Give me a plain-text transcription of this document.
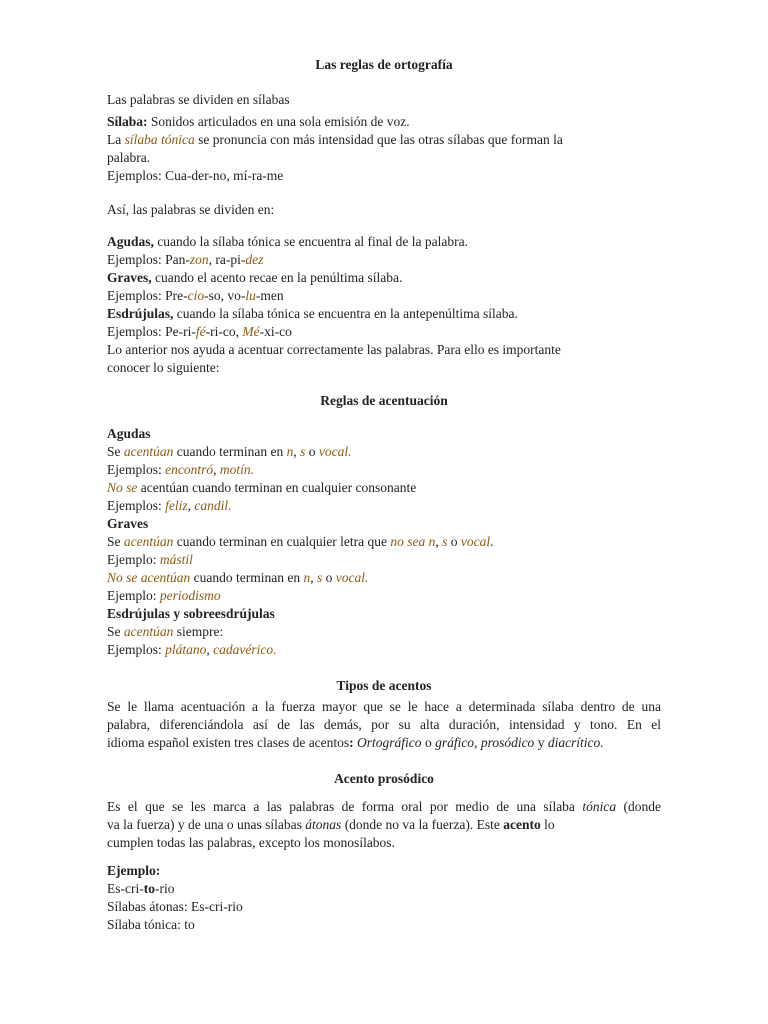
Las reglas de ortografía
Las palabras se dividen en sílabas
Sílaba: Sonidos articulados en una sola emisión de voz.
La sílaba tónica se pronuncia con más intensidad que las otras sílabas que forman la
palabra.
Ejemplos: Cua-der-no, mí-ra-me
Así, las palabras se dividen en:
Agudas, cuando la sílaba tónica se encuentra al final de la palabra.
Ejemplos: Pan-zon, ra-pi-dez
Graves, cuando el acento recae en la penúltima sílaba.
Ejemplos: Pre-cio-so, vo-lu-men
Esdrújulas, cuando la sílaba tónica se encuentra en la antepenúltima sílaba.
Ejemplos: Pe-ri-fé-ri-co, Mé-xi-co
Lo anterior nos ayuda a acentuar correctamente las palabras. Para ello es importante
conocer lo siguiente:
Reglas de acentuación
Agudas
Se acentúan cuando terminan en n, s o vocal.
Ejemplos: encontró, motín.
No se acentúan cuando terminan en cualquier consonante
Ejemplos: feliz, candil.
Graves
Se acentúan cuando terminan en cualquier letra que no sea n, s o vocal.
Ejemplo: mástil
No se acentúan cuando terminan en n, s o vocal.
Ejemplo: periodismo
Esdrújulas y sobreesdrújulas
Se acentúan siempre:
Ejemplos: plátano, cadavérico.
Tipos de acentos
Se le llama acentuación a la fuerza mayor que se le hace a determinada sílaba dentro de una
palabra, diferenciándola así de las demás, por su alta duración, intensidad y tono. En el
idioma español existen tres clases de acentos: Ortográfico o gráfico, prosódico y diacrítico.
Acento prosódico
Es el que se les marca a las palabras de forma oral por medio de una sílaba tónica (donde
va la fuerza) y de una o unas sílabas átonas (donde no va la fuerza). Este acento lo
cumplen todas las palabras, excepto los monosílabos.
Ejemplo:
Es-cri-to-rio
Sílabas átonas: Es-cri-rio
Sílaba tónica: to
